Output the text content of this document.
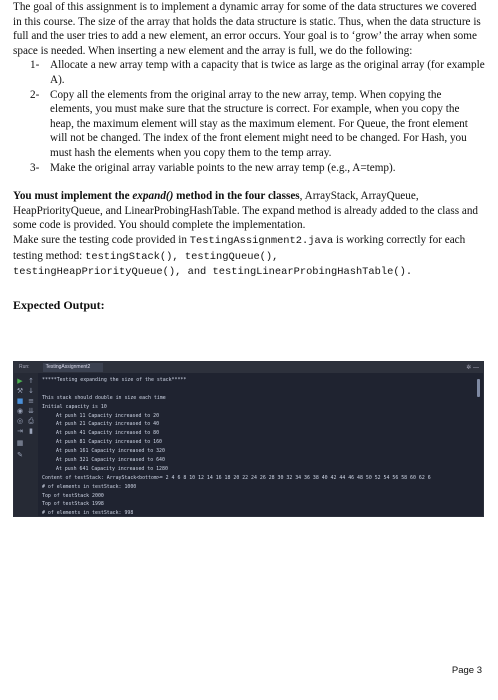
The goal of this assignment is to implement a dynamic array for some of the data structures we covered in this course. The size of the array that holds the data structure is static. Thus, when the data structure is full and the user tries to add a new element, an error occurs. Your goal is to ‘grow’ the array when some space is needed. When inserting a new element and the array is full, we do the following:

1- Allocate a new array temp with a capacity that is twice as large as the original array (for example A).
2- Copy all the elements from the original array to the new array, temp. When copying the elements, you must make sure that the structure is correct. For example, when you copy the heap, the maximum element will stay as the maximum element. For Queue, the front element will not be changed. The index of the front element might need to be changed. For Hash, you must hash the elements when you copy them to the temp array.
3- Make the original array variable points to the new array temp (e.g., A=temp).

You must implement the expand() method in the four classes, ArrayStack, ArrayQueue, HeapPriorityQueue, and LinearProbingHashTable. The expand method is already added to the class and some code is provided. You should complete the implementation.
Make sure the testing code provided in TestingAssignment2.java is working correctly for each testing method: testingStack(), testingQueue(),
testingHeapPriorityQueue(), and testingLinearProbingHashTable().

Expected Output:

Run:	TestingAssignment2	✲ —
▶ ↑
⚒ ↓
■ ≡
◉ ⇊
◎ ⎙
⇥ ▮
▦
✎
*****Testing expanding the size of the stack*****
This stack should double in size each time
Initial capacity is 10
At push 11 Capacity increased to 20
At push 21 Capacity increased to 40
At push 41 Capacity increased to 80
At push 81 Capacity increased to 160
At push 161 Capacity increased to 320
At push 321 Capacity increased to 640
At push 641 Capacity increased to 1280
Content of testStack: ArrayStack<bottom>= 2 4 6 8 10 12 14 16 18 20 22 24 26 28 30 32 34 36 38 40 42 44 46 48 50 52 54 56 58 60 62 6
# of elements in testStack: 1000
Top of testStack 2000
Top of testStack 1998
# of elements in testStack: 998
Page 3
